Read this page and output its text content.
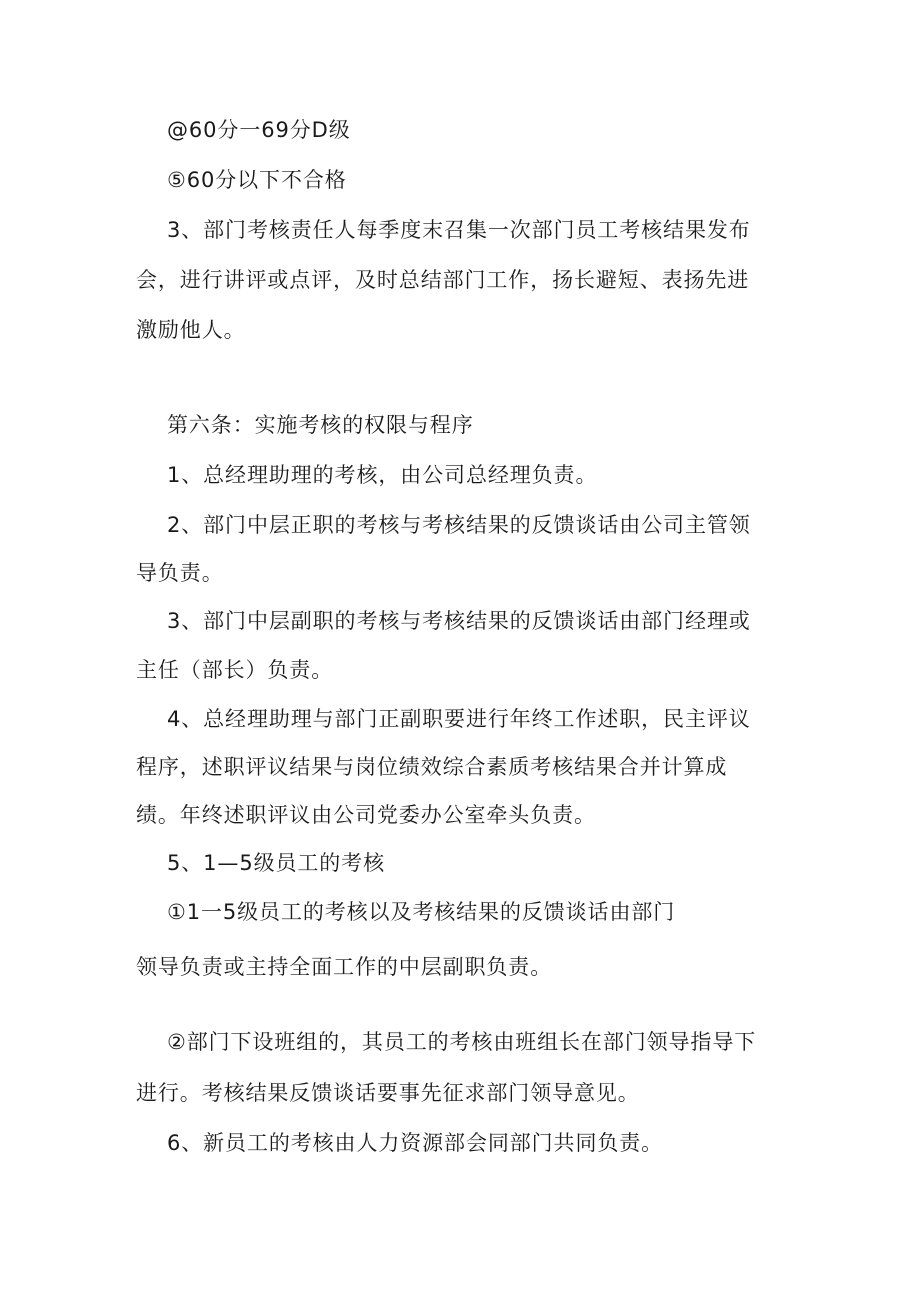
@60分一69分D级
⑤60分以下不合格
3、部门考核责任人每季度末召集一次部门员工考核结果发布
会，进行讲评或点评，及时总结部门工作，扬长避短、表扬先进
激励他人。
第六条：实施考核的权限与程序
1、总经理助理的考核，由公司总经理负责。
2、部门中层正职的考核与考核结果的反馈谈话由公司主管领
导负责。
3、部门中层副职的考核与考核结果的反馈谈话由部门经理或
主任（部长）负责。
4、总经理助理与部门正副职要进行年终工作述职，民主评议
程序，述职评议结果与岗位绩效综合素质考核结果合并计算成
绩。年终述职评议由公司党委办公室牵头负责。
5、1—5级员工的考核
①1一5级员工的考核以及考核结果的反馈谈话由部门
领导负责或主持全面工作的中层副职负责。
②部门下设班组的，其员工的考核由班组长在部门领导指导下
进行。考核结果反馈谈话要事先征求部门领导意见。
6、新员工的考核由人力资源部会同部门共同负责。
